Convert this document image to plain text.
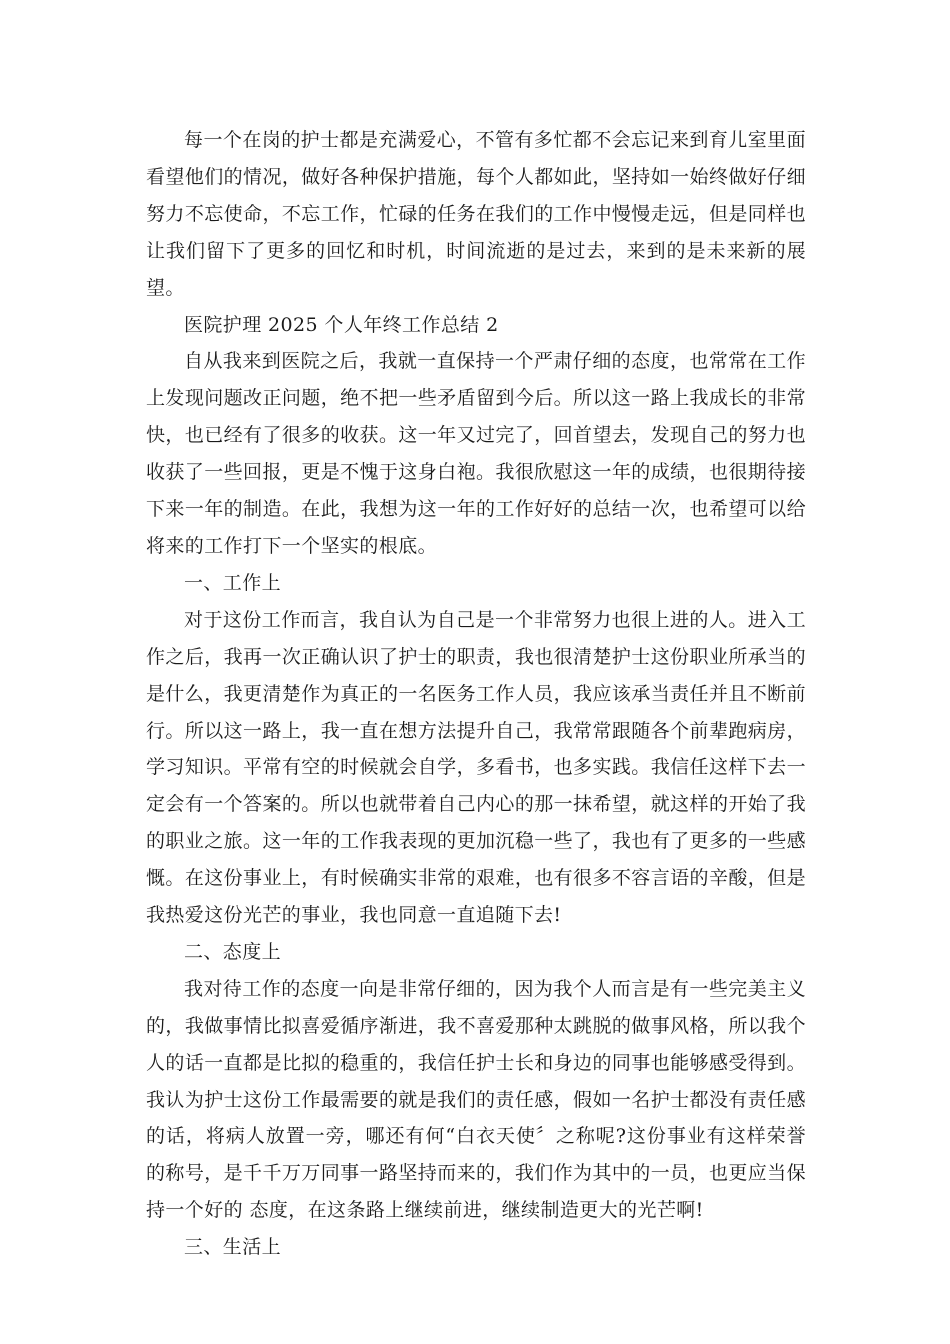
每一个在岗的护士都是充满爱心，不管有多忙都不会忘记来到育儿室里面看望他们的情况，做好各种保护措施，每个人都如此，坚持如一始终做好仔细努力不忘使命，不忘工作，忙碌的任务在我们的工作中慢慢走远，但是同样也让我们留下了更多的回忆和时机，时间流逝的是过去，来到的是未来新的展望。

医院护理 2025 个人年终工作总结 2

自从我来到医院之后，我就一直保持一个严肃仔细的态度，也常常在工作上发现问题改正问题，绝不把一些矛盾留到今后。所以这一路上我成长的非常快，也已经有了很多的收获。这一年又过完了，回首望去，发现自己的努力也收获了一些回报，更是不愧于这身白袍。我很欣慰这一年的成绩，也很期待接下来一年的制造。在此，我想为这一年的工作好好的总结一次，也希望可以给将来的工作打下一个坚实的根底。

一、工作上

对于这份工作而言，我自认为自己是一个非常努力也很上进的人。进入工作之后，我再一次正确认识了护士的职责，我也很清楚护士这份职业所承当的是什么，我更清楚作为真正的一名医务工作人员，我应该承当责任并且不断前行。所以这一路上，我一直在想方法提升自己，我常常跟随各个前辈跑病房，学习知识。平常有空的时候就会自学，多看书，也多实践。我信任这样下去一定会有一个答案的。所以也就带着自己内心的那一抹希望，就这样的开始了我的职业之旅。这一年的工作我表现的更加沉稳一些了，我也有了更多的一些感慨。在这份事业上，有时候确实非常的艰难，也有很多不容言语的辛酸，但是我热爱这份光芒的事业，我也同意一直追随下去!

二、态度上

我对待工作的态度一向是非常仔细的，因为我个人而言是有一些完美主义的，我做事情比拟喜爱循序渐进，我不喜爱那种太跳脱的做事风格，所以我个人的话一直都是比拟的稳重的，我信任护士长和身边的同事也能够感受得到。我认为护士这份工作最需要的就是我们的责任感，假如一名护士都没有责任感的话，将病人放置一旁，哪还有何“白衣天使〞之称呢?这份事业有这样荣誉的称号，是千千万万同事一路坚持而来的，我们作为其中的一员，也更应当保持一个好的 态度，在这条路上继续前进，继续制造更大的光芒啊!

三、生活上
